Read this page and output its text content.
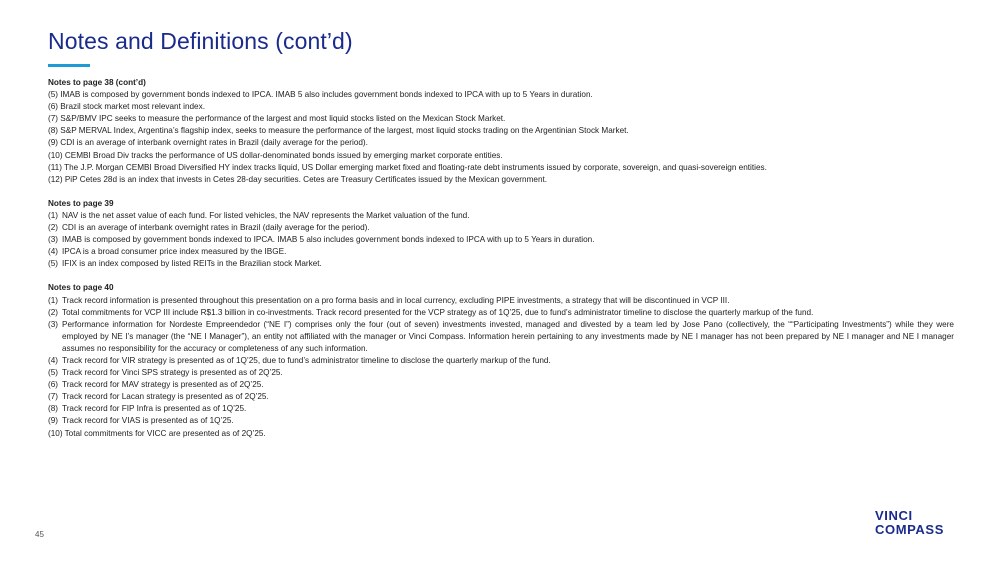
Notes and Definitions (cont’d)
Notes to page 38 (cont’d)
(5) IMAB is composed by government bonds indexed to IPCA. IMAB 5 also includes government bonds indexed to IPCA with up to 5 Years in duration.
(6) Brazil stock market most relevant index.
(7) S&P/BMV IPC seeks to measure the performance of the largest and most liquid stocks listed on the Mexican Stock Market.
(8) S&P MERVAL Index, Argentina’s flagship index, seeks to measure the performance of the largest, most liquid stocks trading on the Argentinian Stock Market.
(9) CDI is an average of interbank overnight rates in Brazil (daily average for the period).
(10) CEMBI Broad Div tracks the performance of US dollar-denominated bonds issued by emerging market corporate entities.
(11) The J.P. Morgan CEMBI Broad Diversified HY index tracks liquid, US Dollar emerging market fixed and floating-rate debt instruments issued by corporate, sovereign, and quasi-sovereign entities.
(12) PiP Cetes 28d is an index that invests in Cetes 28-day securities. Cetes are Treasury Certificates issued by the Mexican government.
Notes to page 39
(1) NAV is the net asset value of each fund. For listed vehicles, the NAV represents the Market valuation of the fund.
(2) CDI is an average of interbank overnight rates in Brazil (daily average for the period).
(3) IMAB is composed by government bonds indexed to IPCA. IMAB 5 also includes government bonds indexed to IPCA with up to 5 Years in duration.
(4) IPCA is a broad consumer price index measured by the IBGE.
(5) IFIX is an index composed by listed REITs in the Brazilian stock Market.
Notes to page 40
(1) Track record information is presented throughout this presentation on a pro forma basis and in local currency, excluding PIPE investments, a strategy that will be discontinued in VCP III.
(2) Total commitments for VCP III include R$1.3 billion in co-investments. Track record presented for the VCP strategy as of 1Q’25, due to fund’s administrator timeline to disclose the quarterly markup of the fund.
(3) Performance information for Nordeste Empreendedor (“NE I”) comprises only the four (out of seven) investments invested, managed and divested by a team led by Jose Pano (collectively, the ““Participating Investments”) while they were employed by NE I’s manager (the “NE I Manager”), an entity not affiliated with the manager or Vinci Compass. Information herein pertaining to any investments made by NE I manager has not been prepared by NE I manager and NE I manager assumes no responsibility for the accuracy or completeness of any such information.
(4) Track record for VIR strategy is presented as of 1Q’25, due to fund’s administrator timeline to disclose the quarterly markup of the fund.
(5) Track record for Vinci SPS strategy is presented as of 2Q’25.
(6) Track record for MAV strategy is presented as of 2Q’25.
(7) Track record for Lacan strategy is presented as of 2Q’25.
(8) Track record for FIP Infra is presented as of 1Q’25.
(9) Track record for VIAS is presented as of 1Q’25.
(10) Total commitments for VICC are presented as of 2Q’25.
45
VINCI
COMPASS
